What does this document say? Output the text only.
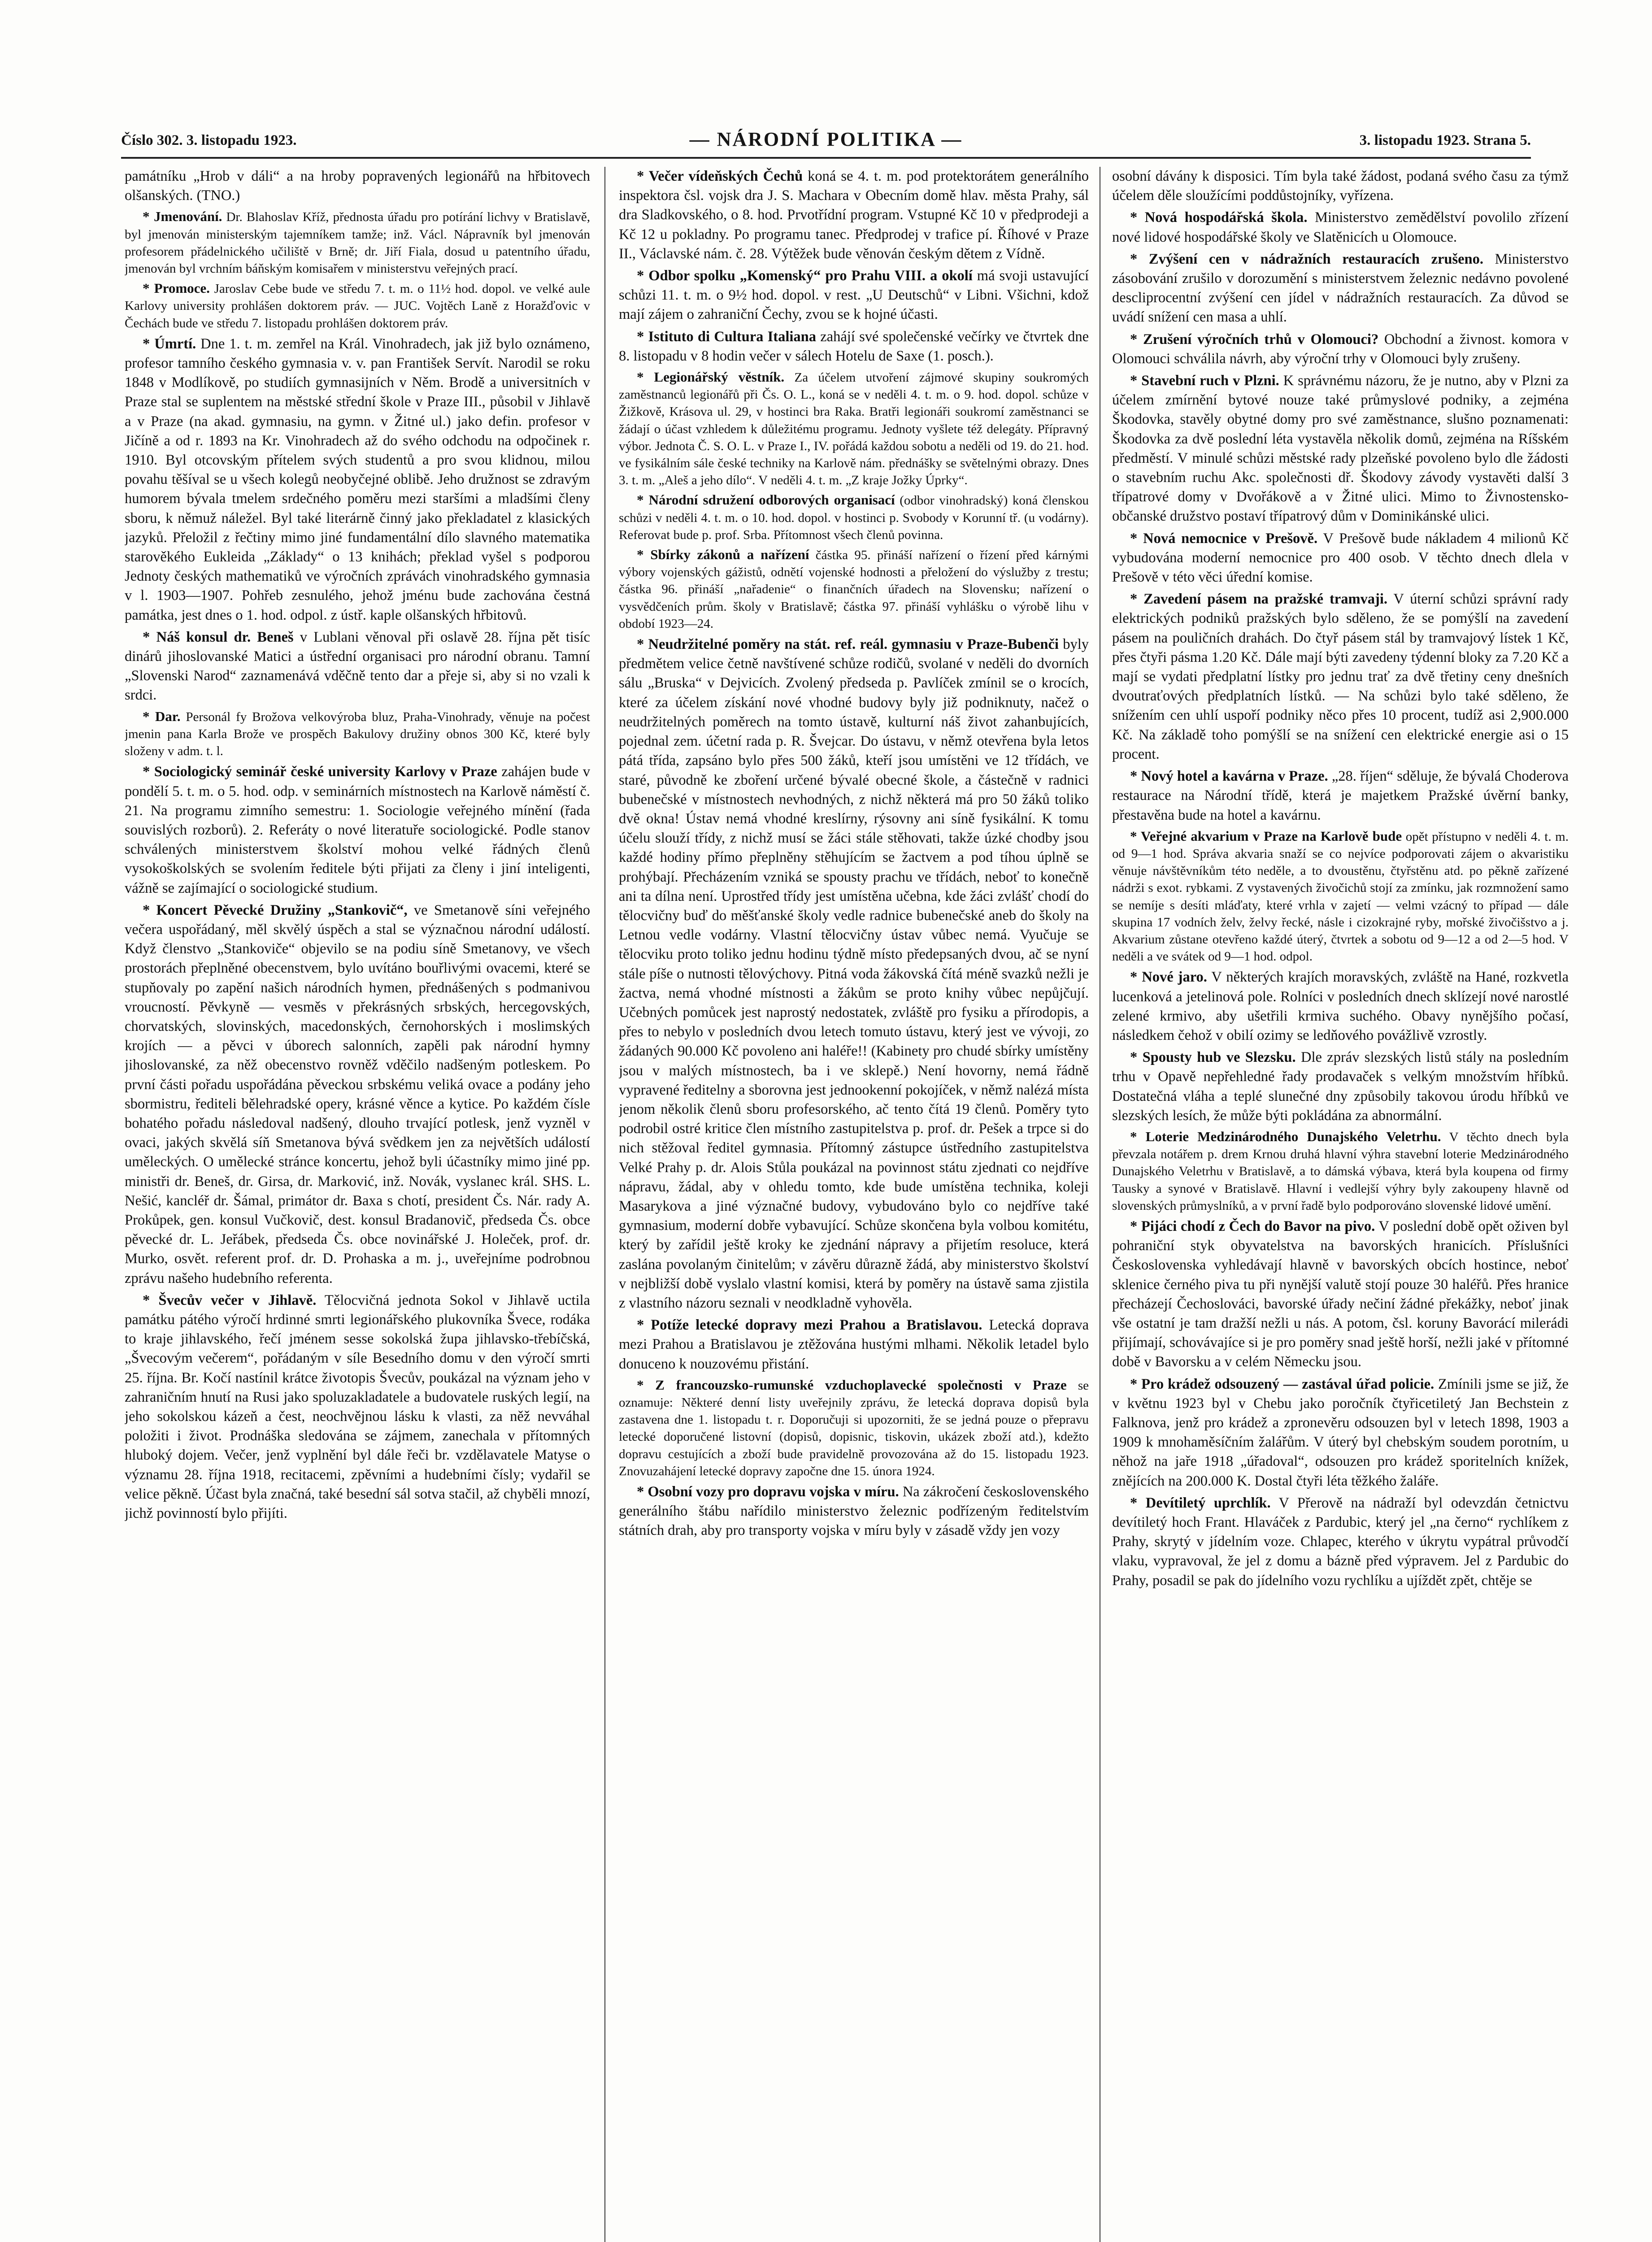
Číslo 302. 3. listopadu 1923.	— NÁRODNÍ POLITIKA —	3. listopadu 1923. Strana 5.

památníku „Hrob v dáli“ a na hroby popravených legionářů na hřbitovech olšanských. (TNO.)

* Jmenování. Dr. Blahoslav Kříž, přednosta úřadu pro potírání lichvy v Bratislavě, byl jmenován ministerským tajemníkem tamže; inž. Václ. Nápravník byl jmenován profesorem přádelnického učiliště v Brně; dr. Jiří Fiala, dosud u patentního úřadu, jmenován byl vrchním báňským komisařem v ministerstvu veřejných prací.

* Promoce. Jaroslav Cebe bude ve středu 7. t. m. o 11½ hod. dopol. ve velké aule Karlovy university prohlášen doktorem práv. — JUC. Vojtěch Laně z Horažďovic v Čechách bude ve středu 7. listopadu prohlášen doktorem práv.

* Úmrtí. Dne 1. t. m. zemřel na Král. Vinohradech, jak již bylo oznámeno, profesor tamního českého gymnasia v. v. pan František Servít. Narodil se roku 1848 v Modlíkově, po studiích gymnasijních v Něm. Brodě a universitních v Praze stal se suplentem na městské střední škole v Praze III., působil v Jihlavě a v Praze (na akad. gymnasiu, na gymn. v Žitné ul.) jako defin. profesor v Jičíně a od r. 1893 na Kr. Vinohradech až do svého odchodu na odpočinek r. 1910. Byl otcovským přítelem svých studentů a pro svou klidnou, milou povahu těšíval se u všech kolegů neobyčejné oblibě. Jeho družnost se zdravým humorem bývala tmelem srdečného poměru mezi staršími a mladšími členy sboru, k němuž náležel. Byl také literárně činný jako překladatel z klasických jazyků. Přeložil z řečtiny mimo jiné fundamentální dílo slavného matematika starověkého Eukleida „Základy“ o 13 knihách; překlad vyšel s podporou Jednoty českých mathematiků ve výročních zprávách vinohradského gymnasia v l. 1903—1907. Pohřeb zesnulého, jehož jménu bude zachována čestná památka, jest dnes o 1. hod. odpol. z ústř. kaple olšanských hřbitovů.

* Náš konsul dr. Beneš v Lublani věnoval při oslavě 28. října pět tisíc dinárů jihoslovanské Matici a ústřední organisaci pro národní obranu. Tamní „Slovenski Narod“ zaznamenává vděčně tento dar a přeje si, aby si no vzali k srdci.

* Dar. Personál fy Brožova velkovýroba bluz, Praha-Vinohrady, věnuje na počest jmenin pana Karla Brože ve prospěch Bakulovy družiny obnos 300 Kč, které byly složeny v adm. t. l.

* Sociologický seminář české university Karlovy v Praze zahájen bude v pondělí 5. t. m. o 5. hod. odp. v seminárních místnostech na Karlově náměstí č. 21. Na programu zimního semestru: 1. Sociologie veřejného mínění (řada souvislých rozborů). 2. Referáty o nové literatuře sociologické. Podle stanov schválených ministerstvem školství mohou velké řádných členů vysokoškolských se svolením ředitele býti přijati za členy i jiní inteligenti, vážně se zajímající o sociologické studium.

* Koncert Pěvecké Družiny „Stankovič“, ve Smetanově síni veřejného večera uspořádaný, měl skvělý úspěch a stal se význačnou národní událostí. Když členstvo „Stankoviče“ objevilo se na podiu síně Smetanovy, ve všech prostorách přeplněné obecenstvem, bylo uvítáno bouřlivými ovacemi, které se stupňovaly po zapění našich národních hymen, přednášených s podmanivou vroucností. Pěvkyně — vesměs v překrásných srbských, hercegovských, chorvatských, slovinských, macedonských, černohorských i moslimských krojích — a pěvci v úborech salonních, zapěli pak národní hymny jihoslovanské, za něž obecenstvo rovněž vděčilo nadšeným potleskem. Po první části pořadu uspořádána pěveckou srbskému veliká ovace a podány jeho sbormistru, řediteli bělehradské opery, krásné věnce a kytice. Po každém čísle bohatého pořadu následoval nadšený, dlouho trvající potlesk, jenž vyzněl v ovaci, jakých skvělá síň Smetanova bývá svědkem jen za největších událostí uměleckých. O umělecké stránce koncertu, jehož byli účastníky mimo jiné pp. ministři dr. Beneš, dr. Girsa, dr. Marković, inž. Novák, vyslanec král. SHS. L. Nešić, kancléř dr. Šámal, primátor dr. Baxa s chotí, president Čs. Nár. rady A. Prokůpek, gen. konsul Vučkovič, dest. konsul Bradanovič, předseda Čs. obce pěvecké dr. L. Jeřábek, předseda Čs. obce novinářské J. Holeček, prof. dr. Murko, osvět. referent prof. dr. D. Prohaska a m. j., uveřejníme podrobnou zprávu našeho hudebního referenta.

* Švecův večer v Jihlavě. Tělocvičná jednota Sokol v Jihlavě uctila památku pátého výročí hrdinné smrti legionářského plukovníka Švece, rodáka to kraje jihlavského, řečí jménem sesse sokolská župa jihlavsko-třebíčská, „Švecovým večerem“, pořádaným v síle Besedního domu v den výročí smrti 25. října. Br. Kočí nastínil krátce životopis Švecův, poukázal na význam jeho v zahraničním hnutí na Rusi jako spoluzakladatele a budovatele ruských legií, na jeho sokolskou kázeň a čest, neochvějnou lásku k vlasti, za něž nevváhal položiti i život. Prodnáška sledována se zájmem, zanechala v přítomných hluboký dojem. Večer, jenž vyplnění byl dále řeči br. vzdělavatele Matyse o významu 28. října 1918, recitacemi, zpěvními a hudebními čísly; vydařil se velice pěkně. Účast byla značná, také besední sál sotva stačil, až chyběli mnozí, jichž povinností bylo přijíti.

* Večer vídeňských Čechů koná se 4. t. m. pod protektorátem generálního inspektora čsl. vojsk dra J. S. Machara v Obecním domě hlav. města Prahy, sál dra Sladkovského, o 8. hod. Prvotřídní program. Vstupné Kč 10 v předprodeji a Kč 12 u pokladny. Po programu tanec. Předprodej v trafice pí. Říhové v Praze II., Václavské nám. č. 28. Výtěžek bude věnován českým dětem z Vídně.

* Odbor spolku „Komenský“ pro Prahu VIII. a okolí má svoji ustavující schůzi 11. t. m. o 9½ hod. dopol. v rest. „U Deutschů“ v Libni. Všichni, kdož mají zájem o zahraniční Čechy, zvou se k hojné účasti.

* Istituto di Cultura Italiana zahájí své společenské večírky ve čtvrtek dne 8. listopadu v 8 hodin večer v sálech Hotelu de Saxe (1. posch.).

* Legionářský věstník. Za účelem utvoření zájmové skupiny soukromých zaměstnanců legionářů při Čs. O. L., koná se v neděli 4. t. m. o 9. hod. dopol. schůze v Žižkově, Krásova ul. 29, v hostinci bra Raka. Bratři legionáři soukromí zaměstnanci se žádají o účast vzhledem k důležitému programu. Jednoty vyšlete též delegáty. Přípravný výbor. Jednota Č. S. O. L. v Praze I., IV. pořádá každou sobotu a neděli od 19. do 21. hod. ve fysikálním sále české techniky na Karlově nám. přednášky se světelnými obrazy. Dnes 3. t. m. „Aleš a jeho dílo“. V neděli 4. t. m. „Z kraje Jožky Úprky“.

* Národní sdružení odborových organisací (odbor vinohradský) koná členskou schůzi v neděli 4. t. m. o 10. hod. dopol. v hostinci p. Svobody v Korunní tř. (u vodárny). Referovat bude p. prof. Srba. Přítomnost všech členů povinna.

* Sbírky zákonů a nařízení částka 95. přináší nařízení o řízení před kárnými výbory vojenských gážistů, odnětí vojenské hodnosti a přeložení do výslužby z trestu; částka 96. přináší „nařadenie“ o finančních úřadech na Slovensku; nařízení o vysvědčeních prům. školy v Bratislavě; částka 97. přináší vyhlášku o výrobě lihu v období 1923—24.

* Neudržitelné poměry na stát. ref. reál. gymnasiu v Praze-Bubenči byly předmětem velice četně navštívené schůze rodičů, svolané v neděli do dvorních sálu „Bruska“ v Dejvicích. Zvolený předseda p. Pavlíček zmínil se o krocích, které za účelem získání nové vhodné budovy byly již podniknuty, načež o neudržitelných poměrech na tomto ústavě, kulturní náš život zahanbujících, pojednal zem. účetní rada p. R. Švejcar. Do ústavu, v němž otevřena byla letos pátá třída, zapsáno bylo přes 500 žáků, kteří jsou umístěni ve 12 třídách, ve staré, původně ke zboření určené bývalé obecné škole, a částečně v radnici bubenečské v místnostech nevhodných, z nichž některá má pro 50 žáků toliko dvě okna! Ústav nemá vhodné kreslírny, rýsovny ani síně fysikální. K tomu účelu slouží třídy, z nichž musí se žáci stále stěhovati, takže úzké chodby jsou každé hodiny přímo přeplněny stěhujícím se žactvem a pod tíhou úplně se prohýbají. Přecházením vzniká se spousty prachu ve třídách, neboť to konečně ani ta dílna není. Uprostřed třídy jest umístěna učebna, kde žáci zvlášť chodí do tělocvičny buď do měšťanské školy vedle radnice bubenečské aneb do školy na Letnou vedle vodárny. Vlastní tělocvičny ústav vůbec nemá. Vyučuje se tělocviku proto toliko jednu hodinu týdně místo předepsaných dvou, ač se nyní stále píše o nutnosti tělovýchovy. Pitná voda žákovská čítá méně svazků nežli je žactva, nemá vhodné místnosti a žákům se proto knihy vůbec nepůjčují. Učebných pomůcek jest naprostý nedostatek, zvláště pro fysiku a přírodopis, a přes to nebylo v posledních dvou letech tomuto ústavu, který jest ve vývoji, zo žádaných 90.000 Kč povoleno ani haléře!! (Kabinety pro chudé sbírky umístěny jsou v malých místnostech, ba i ve sklepě.) Není hovorny, nemá řádně vypravené ředitelny a sborovna jest jednookenní pokojíček, v němž nalézá místa jenom několik členů sboru profesorského, ač tento čítá 19 členů. Poměry tyto podrobil ostré kritice člen místního zastupitelstva p. prof. dr. Pešek a trpce si do nich stěžoval ředitel gymnasia. Přítomný zástupce ústředního zastupitelstva Velké Prahy p. dr. Alois Stůla poukázal na povinnost státu zjednati co nejdříve nápravu, žádal, aby v ohledu tomto, kde bude umístěna technika, koleji Masarykova a jiné význačné budovy, vybudováno bylo co nejdříve také gymnasium, moderní dobře vybavující. Schůze skončena byla volbou komitétu, který by zařídil ještě kroky ke zjednání nápravy a přijetím resoluce, která zaslána povolaným činitelům; v závěru důrazně žádá, aby ministerstvo školství v nejbližší době vyslalo vlastní komisi, která by poměry na ústavě sama zjistila z vlastního názoru seznali v neodkladně vyhověla.

* Potíže letecké dopravy mezi Prahou a Bratislavou. Letecká doprava mezi Prahou a Bratislavou je ztěžována hustými mlhami. Několik letadel bylo donuceno k nouzovému přistání.

* Z francouzsko-rumunské vzduchoplavecké společnosti v Praze se oznamuje: Některé denní listy uveřejnily zprávu, že letecká doprava dopisů byla zastavena dne 1. listopadu t. r. Doporučuji si upozorniti, že se jedná pouze o přepravu letecké doporučené listovní (dopisů, dopisnic, tiskovin, ukázek zboží atd.), kdežto dopravu cestujících a zboží bude pravidelně provozována až do 15. listopadu 1923. Znovuzahájení letecké dopravy započne dne 15. února 1924.

* Osobní vozy pro dopravu vojska v míru. Na zákročení československého generálního štábu nařídilo ministerstvo železnic podřízeným ředitelstvím státních drah, aby pro transporty vojska v míru byly v zásadě vždy jen vozy

osobní dávány k disposici. Tím byla také žádost, podaná svého času za týmž účelem děle sloužícími poddůstojníky, vyřízena.

* Nová hospodářská škola. Ministerstvo zemědělství povolilo zřízení nové lidové hospodářské školy ve Slatěnicích u Olomouce.

* Zvýšení cen v nádražních restauracích zrušeno. Ministerstvo zásobování zrušilo v dorozumění s ministerstvem železnic nedávno povolené descliprocentní zvýšení cen jídel v nádražních restauracích. Za důvod se uvádí snížení cen masa a uhlí.

* Zrušení výročních trhů v Olomouci? Obchodní a živnost. komora v Olomouci schválila návrh, aby výroční trhy v Olomouci byly zrušeny.

* Stavební ruch v Plzni. K správnému názoru, že je nutno, aby v Plzni za účelem zmírnění bytové nouze také průmyslové podniky, a zejména Škodovka, stavěly obytné domy pro své zaměstnance, slušno poznamenati: Škodovka za dvě poslední léta vystavěla několik domů, zejména na Ríšském předměstí. V minulé schůzi městské rady plzeňské povoleno bylo dle žádosti o stavebním ruchu Akc. společnosti dř. Škodovy závody vystavěti další 3 třípatrové domy v Dvořákově a v Žitné ulici. Mimo to Živnostensko-občanské družstvo postaví třípatrový dům v Dominikánské ulici.

* Nová nemocnice v Prešově. V Prešově bude nákladem 4 milionů Kč vybudována moderní nemocnice pro 400 osob. V těchto dnech dlela v Prešově v této věci úřední komise.

* Zavedení pásem na pražské tramvaji. V úterní schůzi správní rady elektrických podniků pražských bylo sděleno, že se pomýšlí na zavedení pásem na pouličních drahách. Do čtyř pásem stál by tramvajový lístek 1 Kč, přes čtyři pásma 1.20 Kč. Dále mají býti zavedeny týdenní bloky za 7.20 Kč a mají se vydati předplatní lístky pro jednu trať za dvě třetiny ceny dnešních dvoutraťových předplatních lístků. — Na schůzi bylo také sděleno, že snížením cen uhlí uspoří podniky něco přes 10 procent, tudíž asi 2,900.000 Kč. Na základě toho pomýšlí se na snížení cen elektrické energie asi o 15 procent.

* Nový hotel a kavárna v Praze. „28. říjen“ sděluje, že bývalá Choderova restaurace na Národní třídě, která je majetkem Pražské úvěrní banky, přestavěna bude na hotel a kavárnu.

* Veřejné akvarium v Praze na Karlově bude opět přístupno v neděli 4. t. m. od 9—1 hod. Správa akvaria snaží se co nejvíce podporovati zájem o akvaristiku věnuje návštěvníkům této neděle, a to dvoustěnu, čtyřstěnu atd. po pěkně zařízené nádrži s exot. rybkami. Z vystavených živočichů stojí za zmínku, jak rozmnožení samo se nemíje s desíti mláďaty, které vrhla v zajetí — velmi vzácný to případ — dále skupina 17 vodních želv, želvy řecké, násle i cizokrajné ryby, mořské živočišstvo a j. Akvarium zůstane otevřeno každé úterý, čtvrtek a sobotu od 9—12 a od 2—5 hod. V neděli a ve svátek od 9—1 hod. odpol.

* Nové jaro. V některých krajích moravských, zvláště na Hané, rozkvetla lucenková a jetelinová pole. Rolníci v posledních dnech sklízejí nové narostlé zelené krmivo, aby ušetřili krmiva suchého. Obavy nynějšího počasí, následkem čehož v obilí ozimy se ledňového povážlivě vzrostly.

* Spousty hub ve Slezsku. Dle zpráv slezských listů stály na posledním trhu v Opavě nepřehledné řady prodavaček s velkým množstvím hříbků. Dostatečná vláha a teplé slunečné dny způsobily takovou úrodu hříbků ve slezských lesích, že může býti pokládána za abnormální.

* Loterie Medzinárodného Dunajského Veletrhu. V těchto dnech byla převzala notářem p. drem Krnou druhá hlavní výhra stavební loterie Medzinárodného Dunajského Veletrhu v Bratislavě, a to dámská výbava, která byla koupena od firmy Tausky a synové v Bratislavě. Hlavní i vedlejší výhry byly zakoupeny hlavně od slovenských průmyslníků, a v první řadě bylo podporováno slovenské lidové umění.

* Pijáci chodí z Čech do Bavor na pivo. V poslední době opět oživen byl pohraniční styk obyvatelstva na bavorských hranicích. Příslušníci Československa vyhledávají hlavně v bavorských obcích hostince, neboť sklenice černého piva tu při nynější valutě stojí pouze 30 haléřů. Přes hranice přecházejí Čechoslováci, bavorské úřady nečiní žádné překážky, neboť jinak vše ostatní je tam dražší nežli u nás. A potom, čsl. koruny Bavorácí milerádi přijímají, schovávajíce si je pro poměry snad ještě horší, nežli jaké v přítomné době v Bavorsku a v celém Německu jsou.

* Pro krádež odsouzený — zastával úřad policie. Zmínili jsme se již, že v květnu 1923 byl v Chebu jako poročník čtyřicetiletý Jan Bechstein z Falknova, jenž pro krádež a zpronevěru odsouzen byl v letech 1898, 1903 a 1909 k mnohaměsíčním žalářům. V úterý byl chebským soudem porotním, u něhož na jaře 1918 „úřadoval“, odsouzen pro krádež sporitelních knížek, znějících na 200.000 K. Dostal čtyři léta těžkého žaláře.

* Devítiletý uprchlík. V Přerově na nádraží byl odevzdán četnictvu devítiletý hoch Frant. Hlaváček z Pardubic, který jel „na černo“ rychlíkem z Prahy, skrytý v jídelním voze. Chlapec, kterého v úkrytu vypátral průvodčí vlaku, vypravoval, že jel z domu a bázně před výpravem. Jel z Pardubic do Prahy, posadil se pak do jídelního vozu rychlíku a ujíždět zpět, chtěje se
